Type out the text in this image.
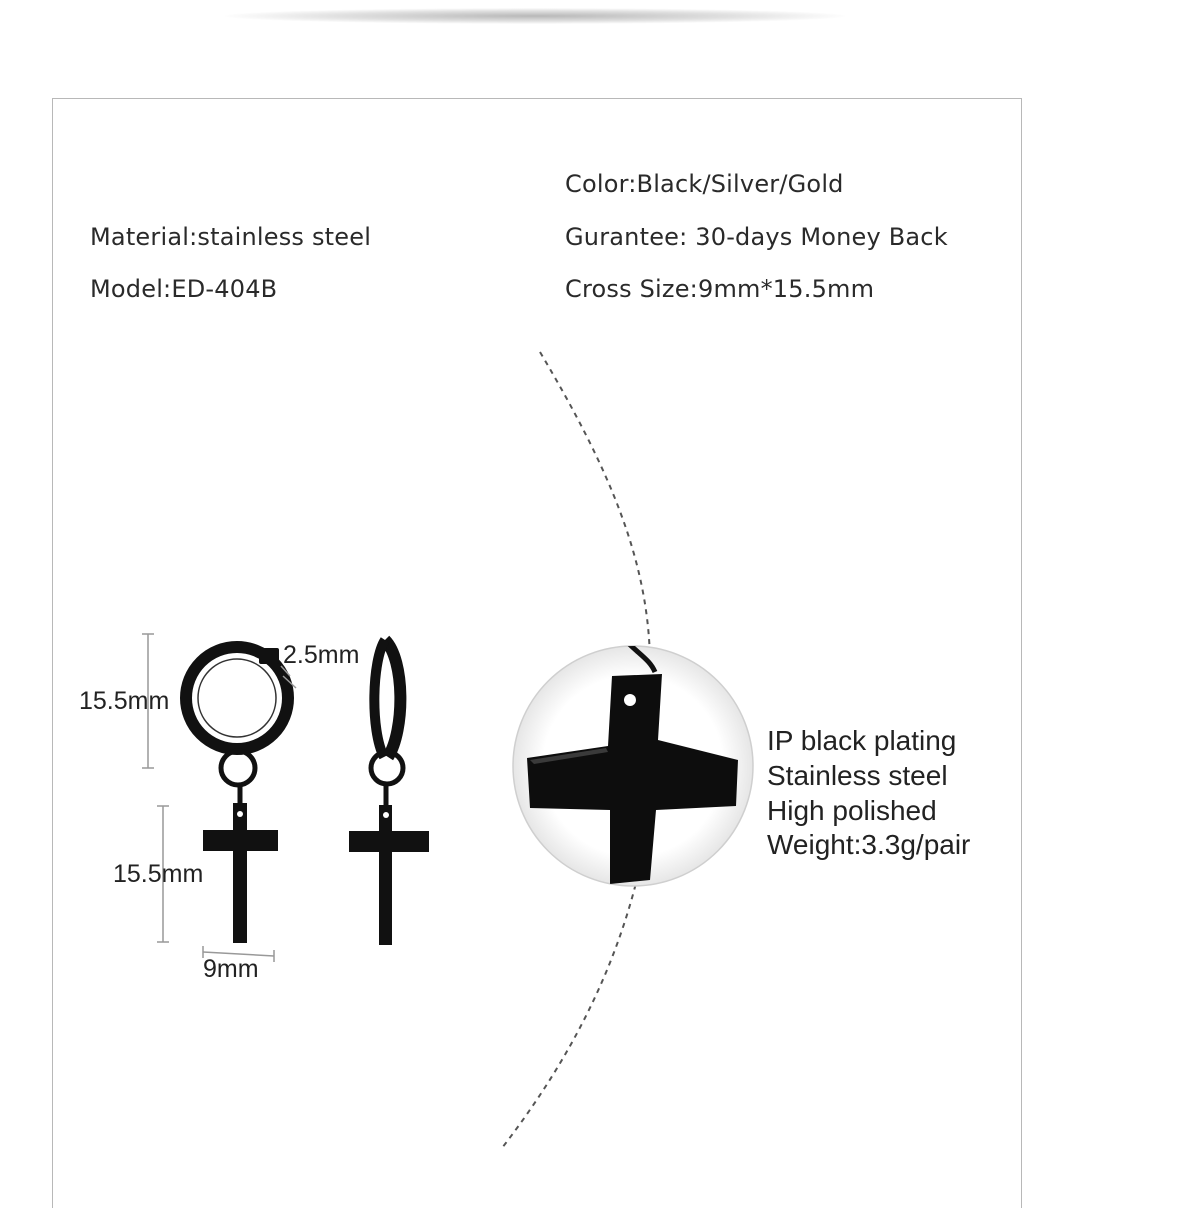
Color:Black/Silver/Gold
Material:stainless steel	Gurantee: 30-days Money Back
Model:ED-404B	Cross Size:9mm*15.5mm
2.5mm
15.5mm
15.5mm
9mm
IP black plating
Stainless steel
High polished
Weight:3.3g/pair
